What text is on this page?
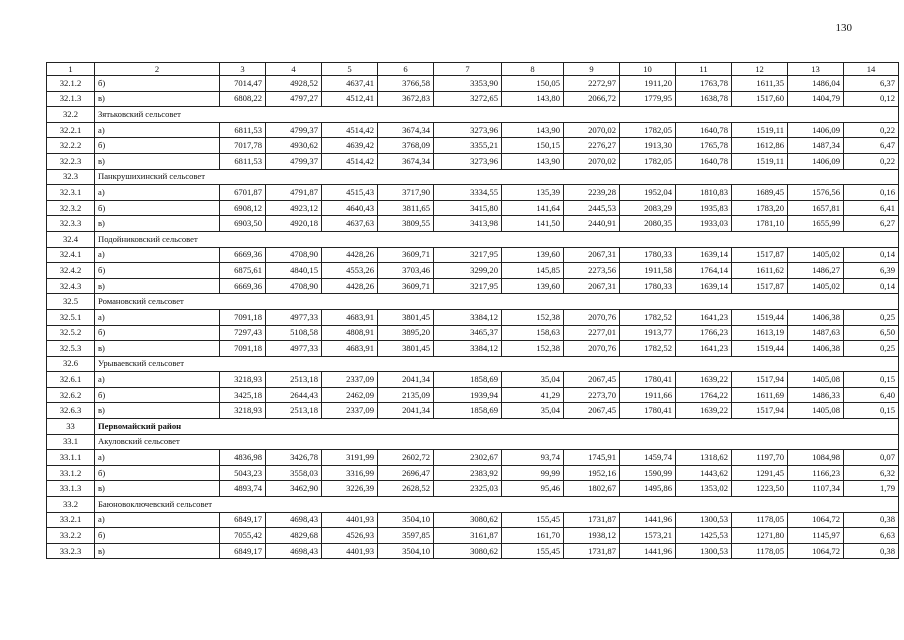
130
1	2	3	4	5	6	7	8	9	10	11	12	13	14
32.1.2	б)	7014,47	4928,52	4637,41	3766,58	3353,90	150,05	2272,97	1911,20	1763,78	1611,35	1486,04	6,37
32.1.3	в)	6808,22	4797,27	4512,41	3672,83	3272,65	143,80	2066,72	1779,95	1638,78	1517,60	1404,79	0,12
32.2	Зятьковский сельсовет												
32.2.1	а)	6811,53	4799,37	4514,42	3674,34	3273,96	143,90	2070,02	1782,05	1640,78	1519,11	1406,09	0,22
32.2.2	б)	7017,78	4930,62	4639,42	3768,09	3355,21	150,15	2276,27	1913,30	1765,78	1612,86	1487,34	6,47
32.2.3	в)	6811,53	4799,37	4514,42	3674,34	3273,96	143,90	2070,02	1782,05	1640,78	1519,11	1406,09	0,22
32.3	Панкрушихинский сельсовет												
32.3.1	а)	6701,87	4791,87	4515,43	3717,90	3334,55	135,39	2239,28	1952,04	1810,83	1689,45	1576,56	0,16
32.3.2	б)	6908,12	4923,12	4640,43	3811,65	3415,80	141,64	2445,53	2083,29	1935,83	1783,20	1657,81	6,41
32.3.3	в)	6903,50	4920,18	4637,63	3809,55	3413,98	141,50	2440,91	2080,35	1933,03	1781,10	1655,99	6,27
32.4	Подойниковский сельсовет												
32.4.1	а)	6669,36	4708,90	4428,26	3609,71	3217,95	139,60	2067,31	1780,33	1639,14	1517,87	1405,02	0,14
32.4.2	б)	6875,61	4840,15	4553,26	3703,46	3299,20	145,85	2273,56	1911,58	1764,14	1611,62	1486,27	6,39
32.4.3	в)	6669,36	4708,90	4428,26	3609,71	3217,95	139,60	2067,31	1780,33	1639,14	1517,87	1405,02	0,14
32.5	Романовский сельсовет												
32.5.1	а)	7091,18	4977,33	4683,91	3801,45	3384,12	152,38	2070,76	1782,52	1641,23	1519,44	1406,38	0,25
32.5.2	б)	7297,43	5108,58	4808,91	3895,20	3465,37	158,63	2277,01	1913,77	1766,23	1613,19	1487,63	6,50
32.5.3	в)	7091,18	4977,33	4683,91	3801,45	3384,12	152,38	2070,76	1782,52	1641,23	1519,44	1406,38	0,25
32.6	Урываевский сельсовет												
32.6.1	а)	3218,93	2513,18	2337,09	2041,34	1858,69	35,04	2067,45	1780,41	1639,22	1517,94	1405,08	0,15
32.6.2	б)	3425,18	2644,43	2462,09	2135,09	1939,94	41,29	2273,70	1911,66	1764,22	1611,69	1486,33	6,40
32.6.3	в)	3218,93	2513,18	2337,09	2041,34	1858,69	35,04	2067,45	1780,41	1639,22	1517,94	1405,08	0,15
33	Первомайский район												
33.1	Акуловский сельсовет												
33.1.1	а)	4836,98	3426,78	3191,99	2602,72	2302,67	93,74	1745,91	1459,74	1318,62	1197,70	1084,98	0,07
33.1.2	б)	5043,23	3558,03	3316,99	2696,47	2383,92	99,99	1952,16	1590,99	1443,62	1291,45	1166,23	6,32
33.1.3	в)	4893,74	3462,90	3226,39	2628,52	2325,03	95,46	1802,67	1495,86	1353,02	1223,50	1107,34	1,79
33.2	Баюновоключевский сельсовет												
33.2.1	а)	6849,17	4698,43	4401,93	3504,10	3080,62	155,45	1731,87	1441,96	1300,53	1178,05	1064,72	0,38
33.2.2	б)	7055,42	4829,68	4526,93	3597,85	3161,87	161,70	1938,12	1573,21	1425,53	1271,80	1145,97	6,63
33.2.3	в)	6849,17	4698,43	4401,93	3504,10	3080,62	155,45	1731,87	1441,96	1300,53	1178,05	1064,72	0,38
